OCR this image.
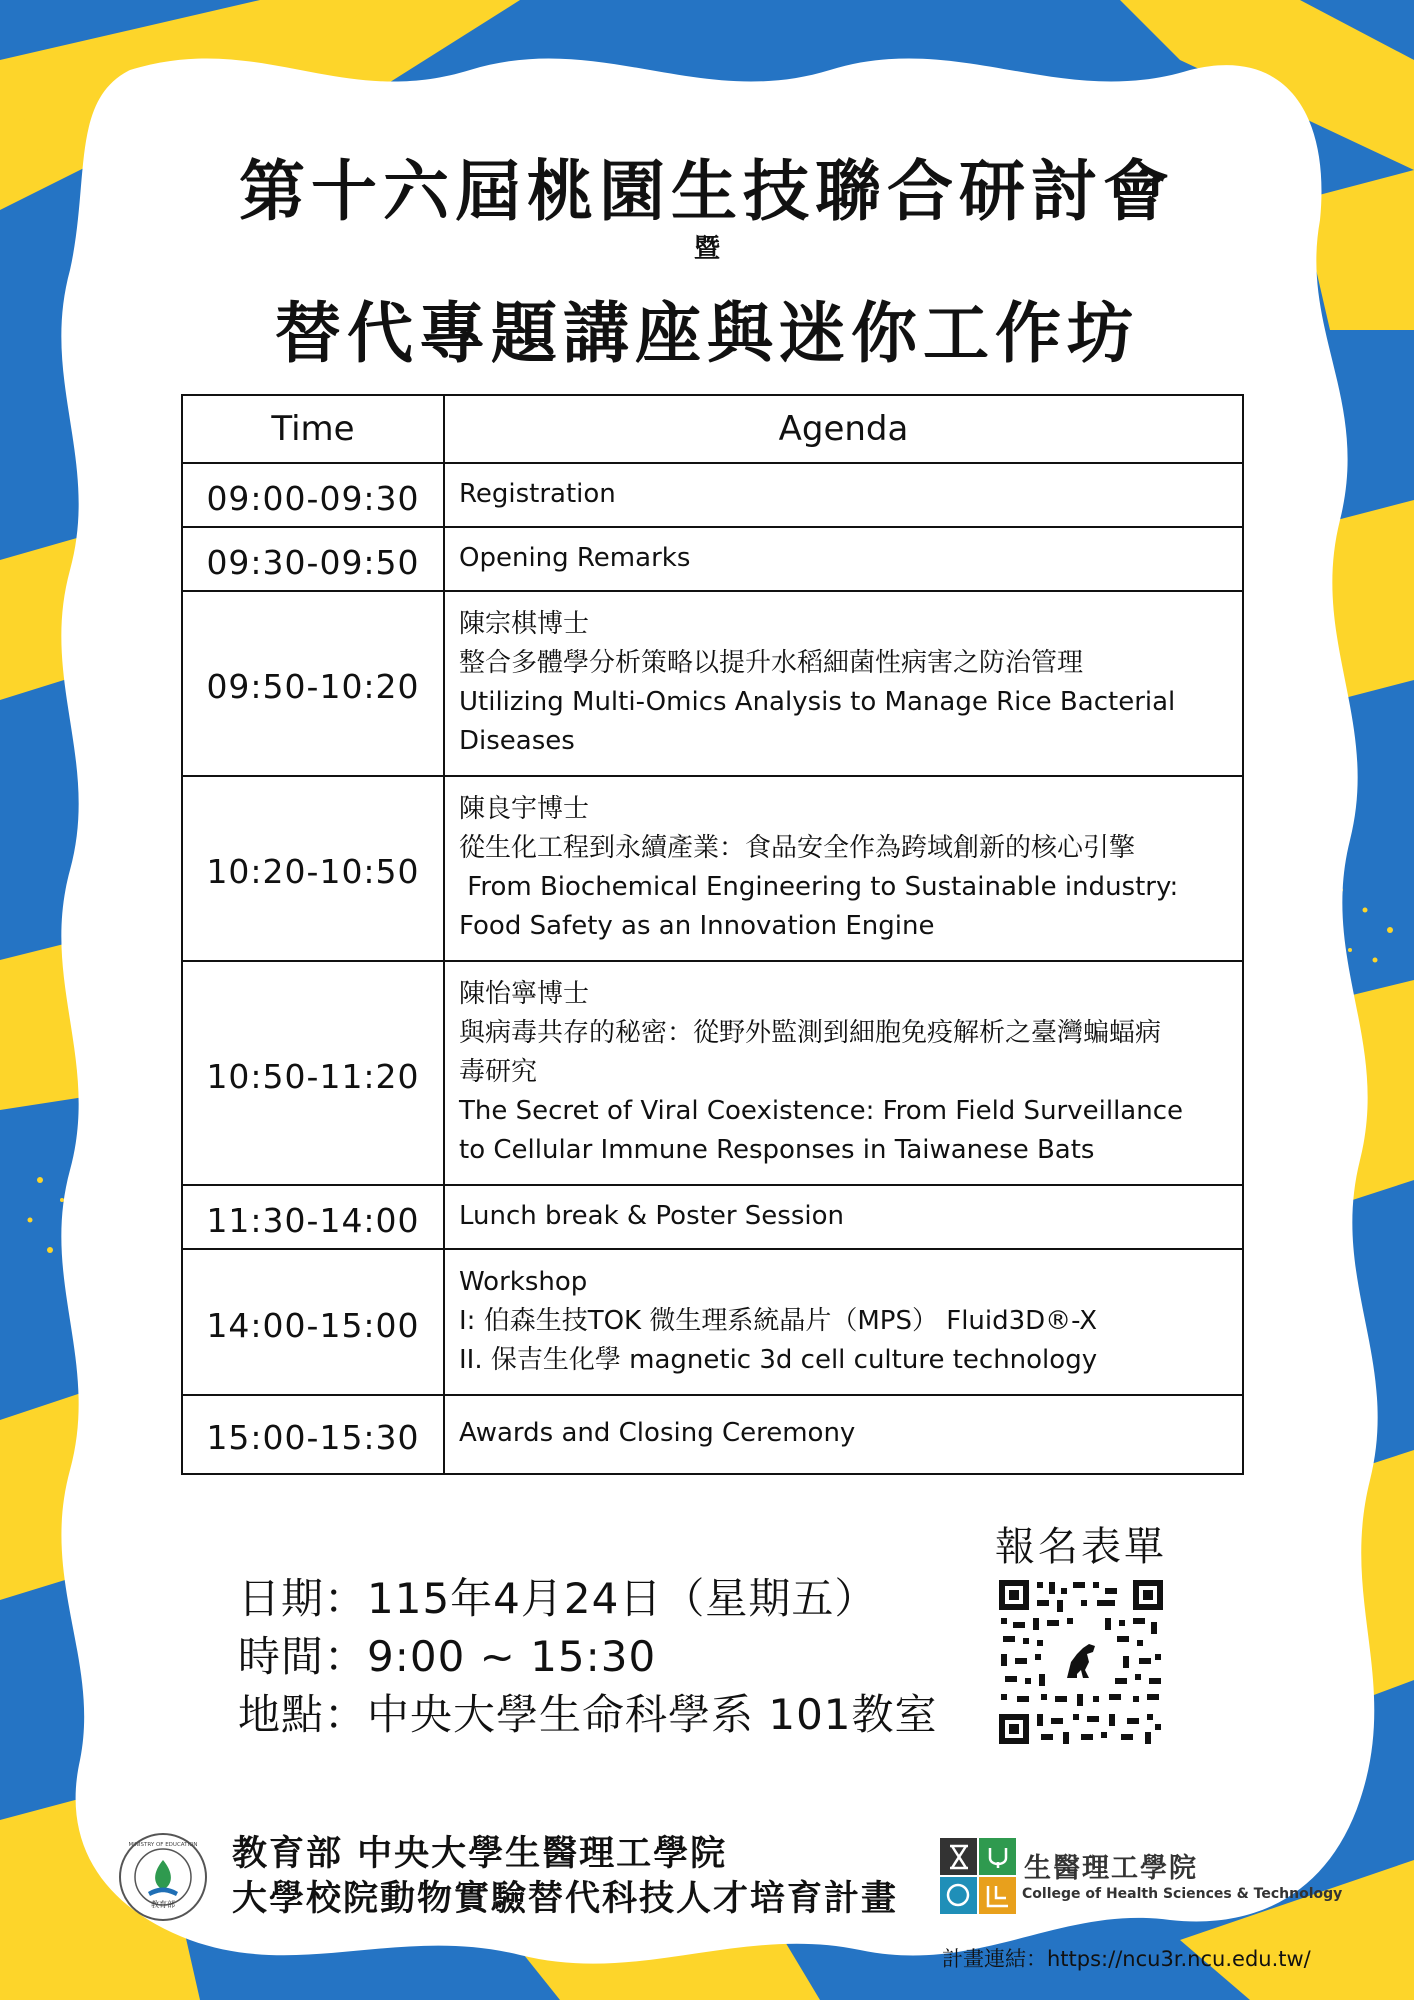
第十六屆桃園生技聯合研討會
暨
替代專題講座與迷你工作坊
Time	Agenda
09:00-09:30	Registration

09:30-09:50	Opening Remarks

09:50-10:20	陳宗棋博士
整合多體學分析策略以提升水稻細菌性病害之防治管理
Utilizing Multi-Omics Analysis to Manage Rice Bacterial
Diseases

10:20-10:50	陳良宇博士
從生化工程到永續產業：食品安全作為跨域創新的核心引擎
From Biochemical Engineering to Sustainable industry:
Food Safety as an Innovation Engine

10:50-11:20	陳怡寧博士
與病毒共存的秘密：從野外監測到細胞免疫解析之臺灣蝙蝠病
毒研究
The Secret of Viral Coexistence: From Field Surveillance
to Cellular Immune Responses in Taiwanese Bats

11:30-14:00	Lunch break & Poster Session

14:00-15:00	Workshop
I: 伯森生技TOK 微生理系統晶片（MPS） Fluid3D®-X
II. 保吉生化學 magnetic 3d cell culture technology

15:00-15:30	Awards and Closing Ceremony
日期：115年4月24日（星期五）
時間：9:00 ~ 15:30
地點：中央大學生命科學系 101教室
報名表單
教育部
MINISTRY OF EDUCATION 教育部 中央大學生醫理工學院
大學校院動物實驗替代科技人才培育計畫
生醫理工學院
College of Health Sciences & Technology
計畫連結：https://ncu3r.ncu.edu.tw/
